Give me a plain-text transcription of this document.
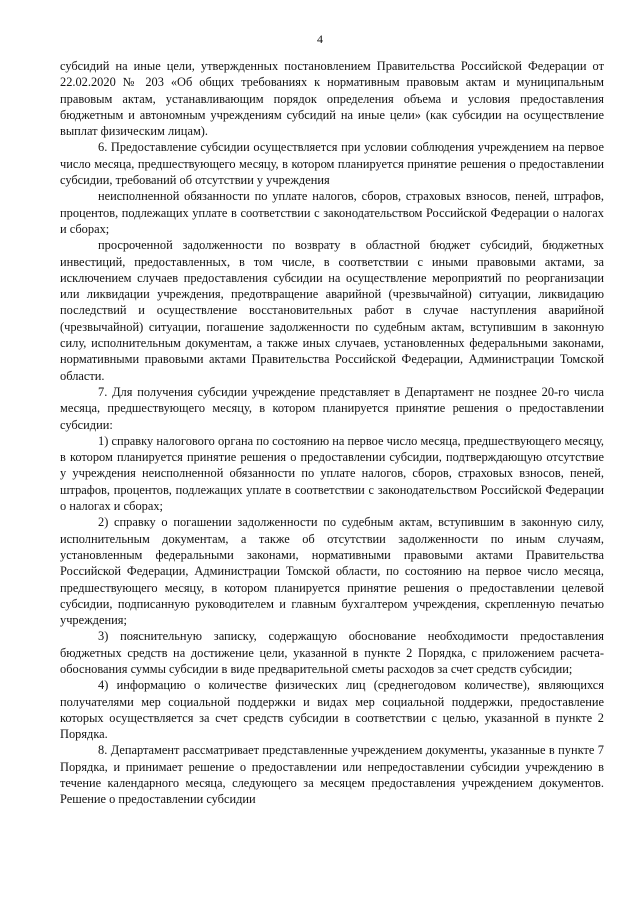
4

субсидий на иные цели, утвержденных постановлением Правительства Российской Федерации от 22.02.2020 № 203 «Об общих требованиях к нормативным правовым актам и муниципальным правовым актам, устанавливающим порядок определения объема и условия предоставления бюджетным и автономным учреждениям субсидий на иные цели» (как субсидии на осуществление выплат физическим лицам).

6. Предоставление субсидии осуществляется при условии соблюдения учреждением на первое число месяца, предшествующего месяцу, в котором планируется принятие решения о предоставлении субсидии, требований об отсутствии у учреждения

неисполненной обязанности по уплате налогов, сборов, страховых взносов, пеней, штрафов, процентов, подлежащих уплате в соответствии с законодательством Российской Федерации о налогах и сборах;

просроченной задолженности по возврату в областной бюджет субсидий, бюджетных инвестиций, предоставленных, в том числе, в соответствии с иными правовыми актами, за исключением случаев предоставления субсидии на осуществление мероприятий по реорганизации или ликвидации учреждения, предотвращение аварийной (чрезвычайной) ситуации, ликвидацию последствий и осуществление восстановительных работ в случае наступления аварийной (чрезвычайной) ситуации, погашение задолженности по судебным актам, вступившим в законную силу, исполнительным документам, а также иных случаев, установленных федеральными законами, нормативными правовыми актами Правительства Российской Федерации, Администрации Томской области.

7. Для получения субсидии учреждение представляет в Департамент не позднее 20-го числа месяца, предшествующего месяцу, в котором планируется принятие решения о предоставлении субсидии:

1) справку налогового органа по состоянию на первое число месяца, предшествующего месяцу, в котором планируется принятие решения о предоставлении субсидии, подтверждающую отсутствие у учреждения неисполненной обязанности по уплате налогов, сборов, страховых взносов, пеней, штрафов, процентов, подлежащих уплате в соответствии с законодательством Российской Федерации о налогах и сборах;

2) справку о погашении задолженности по судебным актам, вступившим в законную силу, исполнительным документам, а также об отсутствии задолженности по иным случаям, установленным федеральными законами, нормативными правовыми актами Правительства Российской Федерации, Администрации Томской области, по состоянию на первое число месяца, предшествующего месяцу, в котором планируется принятие решения о предоставлении целевой субсидии, подписанную руководителем и главным бухгалтером учреждения, скрепленную печатью учреждения;

3) пояснительную записку, содержащую обоснование необходимости предоставления бюджетных средств на достижение цели, указанной в пункте 2 Порядка, с приложением расчета-обоснования суммы субсидии в виде предварительной сметы расходов за счет средств субсидии;

4) информацию о количестве физических лиц (среднегодовом количестве), являющихся получателями мер социальной поддержки и видах мер социальной поддержки, предоставление которых осуществляется за счет средств субсидии в соответствии с целью, указанной в пункте 2 Порядка.

8. Департамент рассматривает представленные учреждением документы, указанные в пункте 7 Порядка, и принимает решение о предоставлении или непредоставлении субсидии учреждению в течение календарного месяца, следующего за месяцем предоставления учреждением документов. Решение о предоставлении субсидии
